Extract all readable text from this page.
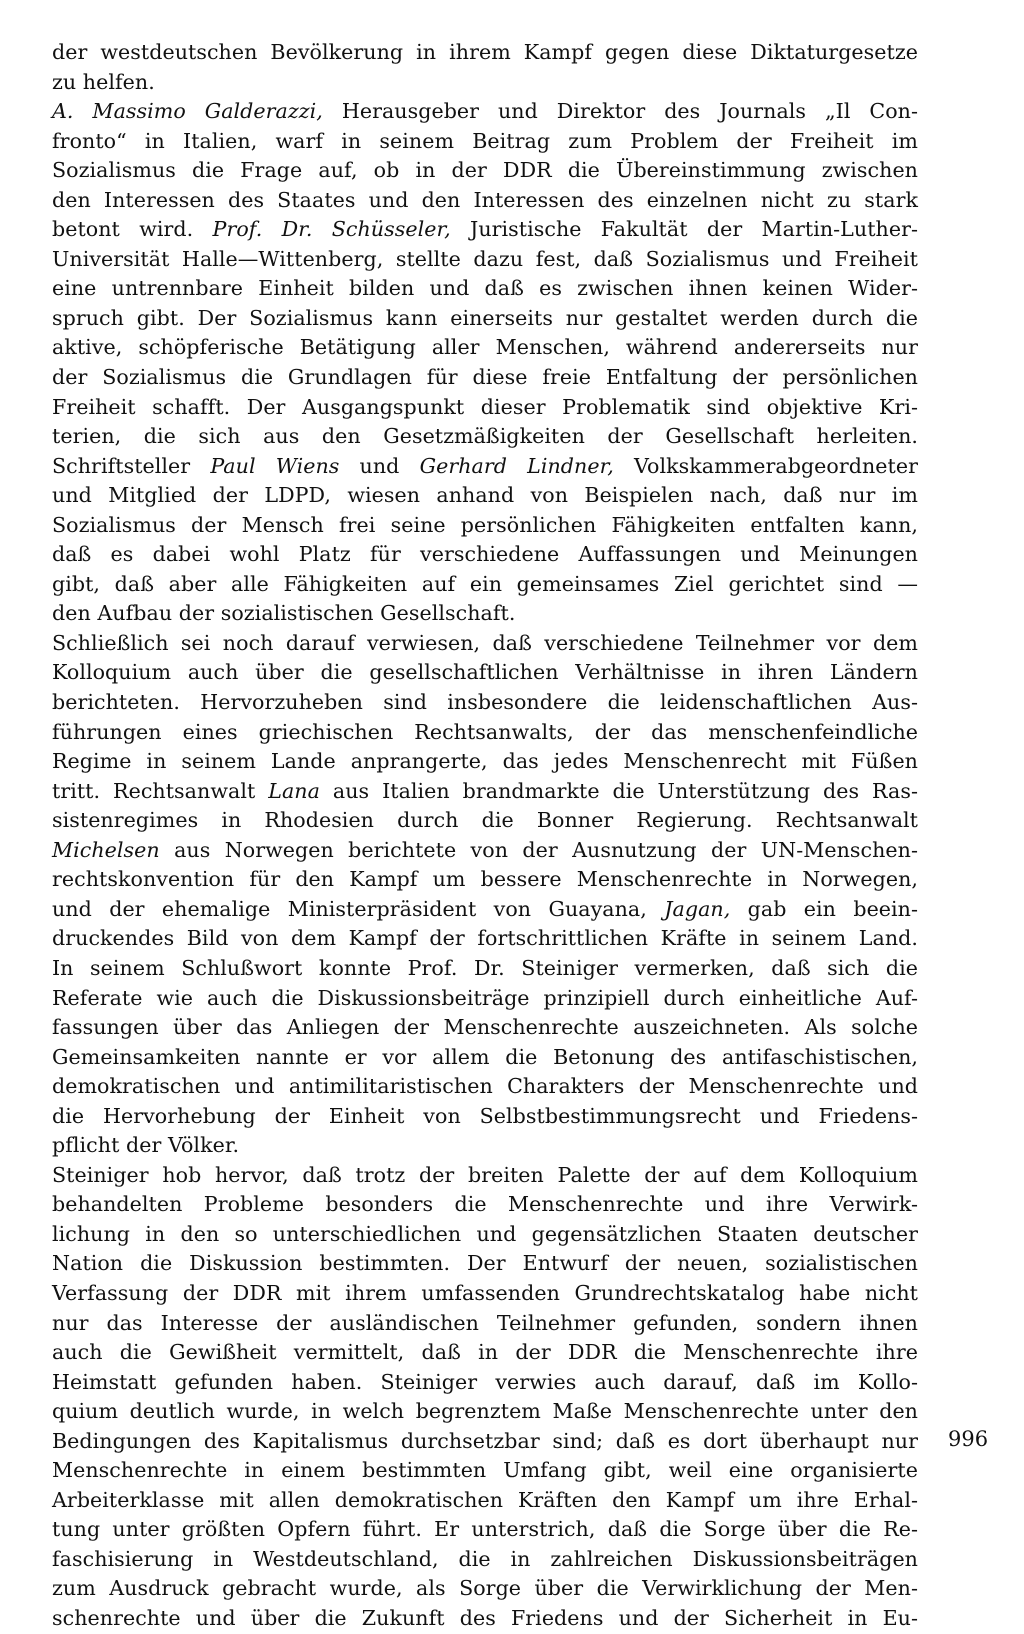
der westdeutschen Bevölkerung in ihrem Kampf gegen diese Diktaturgesetze
zu helfen.
A. Massimo Galderazzi, Herausgeber und Direktor des Journals „Il Con-
fronto“ in Italien, warf in seinem Beitrag zum Problem der Freiheit im
Sozialismus die Frage auf, ob in der DDR die Übereinstimmung zwischen
den Interessen des Staates und den Interessen des einzelnen nicht zu stark
betont wird. Prof. Dr. Schüsseler, Juristische Fakultät der Martin-Luther-
Universität Halle—Wittenberg, stellte dazu fest, daß Sozialismus und Freiheit
eine untrennbare Einheit bilden und daß es zwischen ihnen keinen Wider-
spruch gibt. Der Sozialismus kann einerseits nur gestaltet werden durch die
aktive, schöpferische Betätigung aller Menschen, während andererseits nur
der Sozialismus die Grundlagen für diese freie Entfaltung der persönlichen
Freiheit schafft. Der Ausgangspunkt dieser Problematik sind objektive Kri-
terien, die sich aus den Gesetzmäßigkeiten der Gesellschaft herleiten.
Schriftsteller Paul Wiens und Gerhard Lindner, Volkskammerabgeordneter
und Mitglied der LDPD, wiesen anhand von Beispielen nach, daß nur im
Sozialismus der Mensch frei seine persönlichen Fähigkeiten entfalten kann,
daß es dabei wohl Platz für verschiedene Auffassungen und Meinungen
gibt, daß aber alle Fähigkeiten auf ein gemeinsames Ziel gerichtet sind —
den Aufbau der sozialistischen Gesellschaft.
Schließlich sei noch darauf verwiesen, daß verschiedene Teilnehmer vor dem
Kolloquium auch über die gesellschaftlichen Verhältnisse in ihren Ländern
berichteten. Hervorzuheben sind insbesondere die leidenschaftlichen Aus-
führungen eines griechischen Rechtsanwalts, der das menschenfeindliche
Regime in seinem Lande anprangerte, das jedes Menschenrecht mit Füßen
tritt. Rechtsanwalt Lana aus Italien brandmarkte die Unterstützung des Ras-
sistenregimes in Rhodesien durch die Bonner Regierung. Rechtsanwalt
Michelsen aus Norwegen berichtete von der Ausnutzung der UN-Menschen-
rechtskonvention für den Kampf um bessere Menschenrechte in Norwegen,
und der ehemalige Ministerpräsident von Guayana, Jagan, gab ein beein-
druckendes Bild von dem Kampf der fortschrittlichen Kräfte in seinem Land.
In seinem Schlußwort konnte Prof. Dr. Steiniger vermerken, daß sich die
Referate wie auch die Diskussionsbeiträge prinzipiell durch einheitliche Auf-
fassungen über das Anliegen der Menschenrechte auszeichneten. Als solche
Gemeinsamkeiten nannte er vor allem die Betonung des antifaschistischen,
demokratischen und antimilitaristischen Charakters der Menschenrechte und
die Hervorhebung der Einheit von Selbstbestimmungsrecht und Friedens-
pflicht der Völker.
Steiniger hob hervor, daß trotz der breiten Palette der auf dem Kolloquium
behandelten Probleme besonders die Menschenrechte und ihre Verwirk-
lichung in den so unterschiedlichen und gegensätzlichen Staaten deutscher
Nation die Diskussion bestimmten. Der Entwurf der neuen, sozialistischen
Verfassung der DDR mit ihrem umfassenden Grundrechtskatalog habe nicht
nur das Interesse der ausländischen Teilnehmer gefunden, sondern ihnen
auch die Gewißheit vermittelt, daß in der DDR die Menschenrechte ihre
Heimstatt gefunden haben. Steiniger verwies auch darauf, daß im Kollo-
quium deutlich wurde, in welch begrenztem Maße Menschenrechte unter den
Bedingungen des Kapitalismus durchsetzbar sind; daß es dort überhaupt nur
Menschenrechte in einem bestimmten Umfang gibt, weil eine organisierte
Arbeiterklasse mit allen demokratischen Kräften den Kampf um ihre Erhal-
tung unter größten Opfern führt. Er unterstrich, daß die Sorge über die Re-
faschisierung in Westdeutschland, die in zahlreichen Diskussionsbeiträgen
zum Ausdruck gebracht wurde, als Sorge über die Verwirklichung der Men-
schenrechte und über die Zukunft des Friedens und der Sicherheit in Eu-
996
